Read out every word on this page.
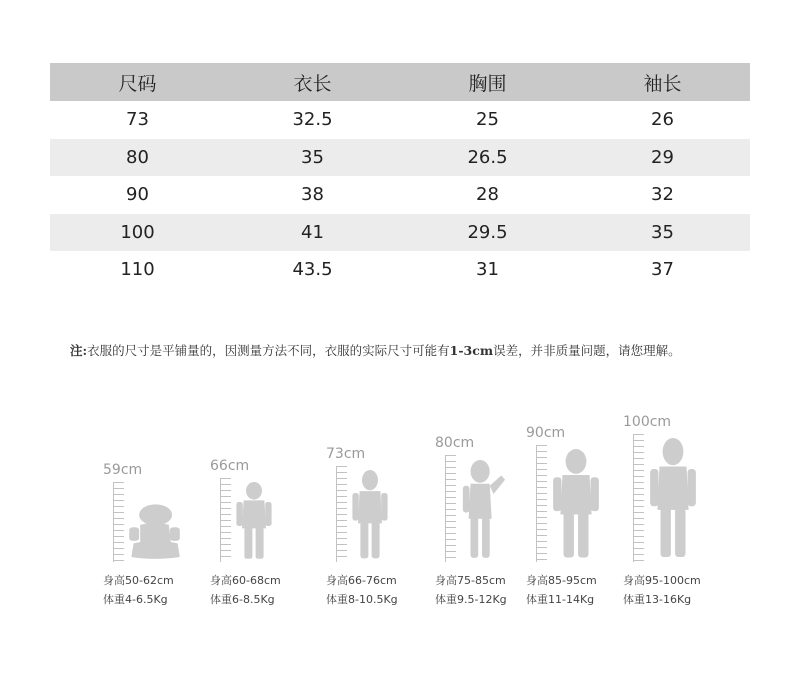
尺码	衣长	胸围	袖长
73	32.5	25	26
80	35	26.5	29
90	38	28	32
100	41	29.5	35
110	43.5	31	37
注:衣服的尺寸是平铺量的，因测量方法不同，衣服的实际尺寸可能有1-3cm误差，并非质量问题，请您理解。
59cm
身高50-62cm
体重4-6.5Kg
66cm
身高60-68cm
体重6-8.5Kg
73cm
身高66-76cm
体重8-10.5Kg
80cm
身高75-85cm
体重9.5-12Kg
90cm
身高85-95cm
体重11-14Kg
100cm
身高95-100cm
体重13-16Kg
